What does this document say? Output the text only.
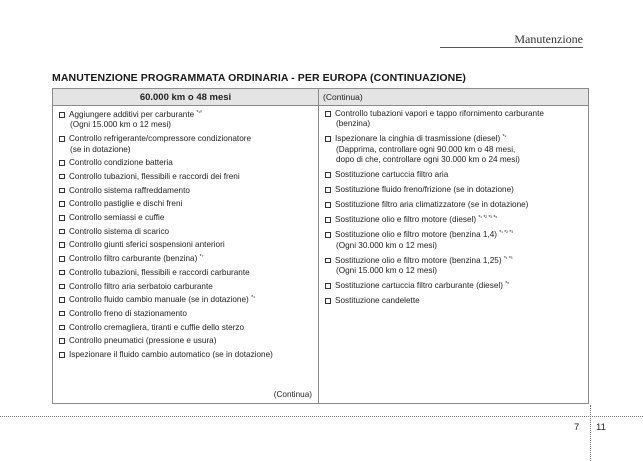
Manutenzione
MANUTENZIONE PROGRAMMATA ORDINARIA - PER EUROPA (CONTINUAZIONE)
60.000 km o 48 mesi
Aggiungere additivi per carburante $^{*^{10}}$
(Ogni 15.000 km o 12 mesi)
Controllo refrigerante/compressore condizionatore
(se in dotazione)
Controllo condizione batteria
Controllo tubazioni, flessibili e raccordi dei freni
Controllo sistema raffreddamento
Controllo pastiglie e dischi freni
Controllo semiassi e cuffie
Controllo sistema di scarico
Controllo giunti sferici sospensioni anteriori
Controllo filtro carburante (benzina) $^{*^7}$
Controllo tubazioni, flessibili e raccordi carburante
Controllo filtro aria serbatoio carburante
Controllo fluido cambio manuale (se in dotazione) $^{*^4}$
Controllo freno di stazionamento
Controllo cremagliera, tiranti e cuffie dello sterzo
Controllo pneumatici (pressione e usura)
Ispezionare il fluido cambio automatico (se in dotazione)
(Continua)
(Continua)
Controllo tubazioni vapori e tappo rifornimento carburante
(benzina)
Ispezionare la cinghia di trasmissione (diesel) $^{*^9}$
(Dapprima, controllare ogni 90.000 km o 48 mesi,
dopo di che, controllare ogni 30.000 km o 24 mesi)
Sostituzione cartuccia filtro aria
Sostituzione fluido freno/frizione (se in dotazione)
Sostituzione filtro aria climatizzatore (se in dotazione)
Sostituzione olio e filtro motore (diesel) $^{*^1 *^2 *^3 *^5}$
Sostituzione olio e filtro motore (benzina 1,4) $^{*^1 *^2 *^3}$
(Ogni 30.000 km o 12 mesi)
Sostituzione olio e filtro motore (benzina 1,25) $^{*^1 *^3}$
(Ogni 15.000 km o 12 mesi)
Sostituzione cartuccia filtro carburante (diesel) $^{*^8}$
Sostituzione candelette
7 11
